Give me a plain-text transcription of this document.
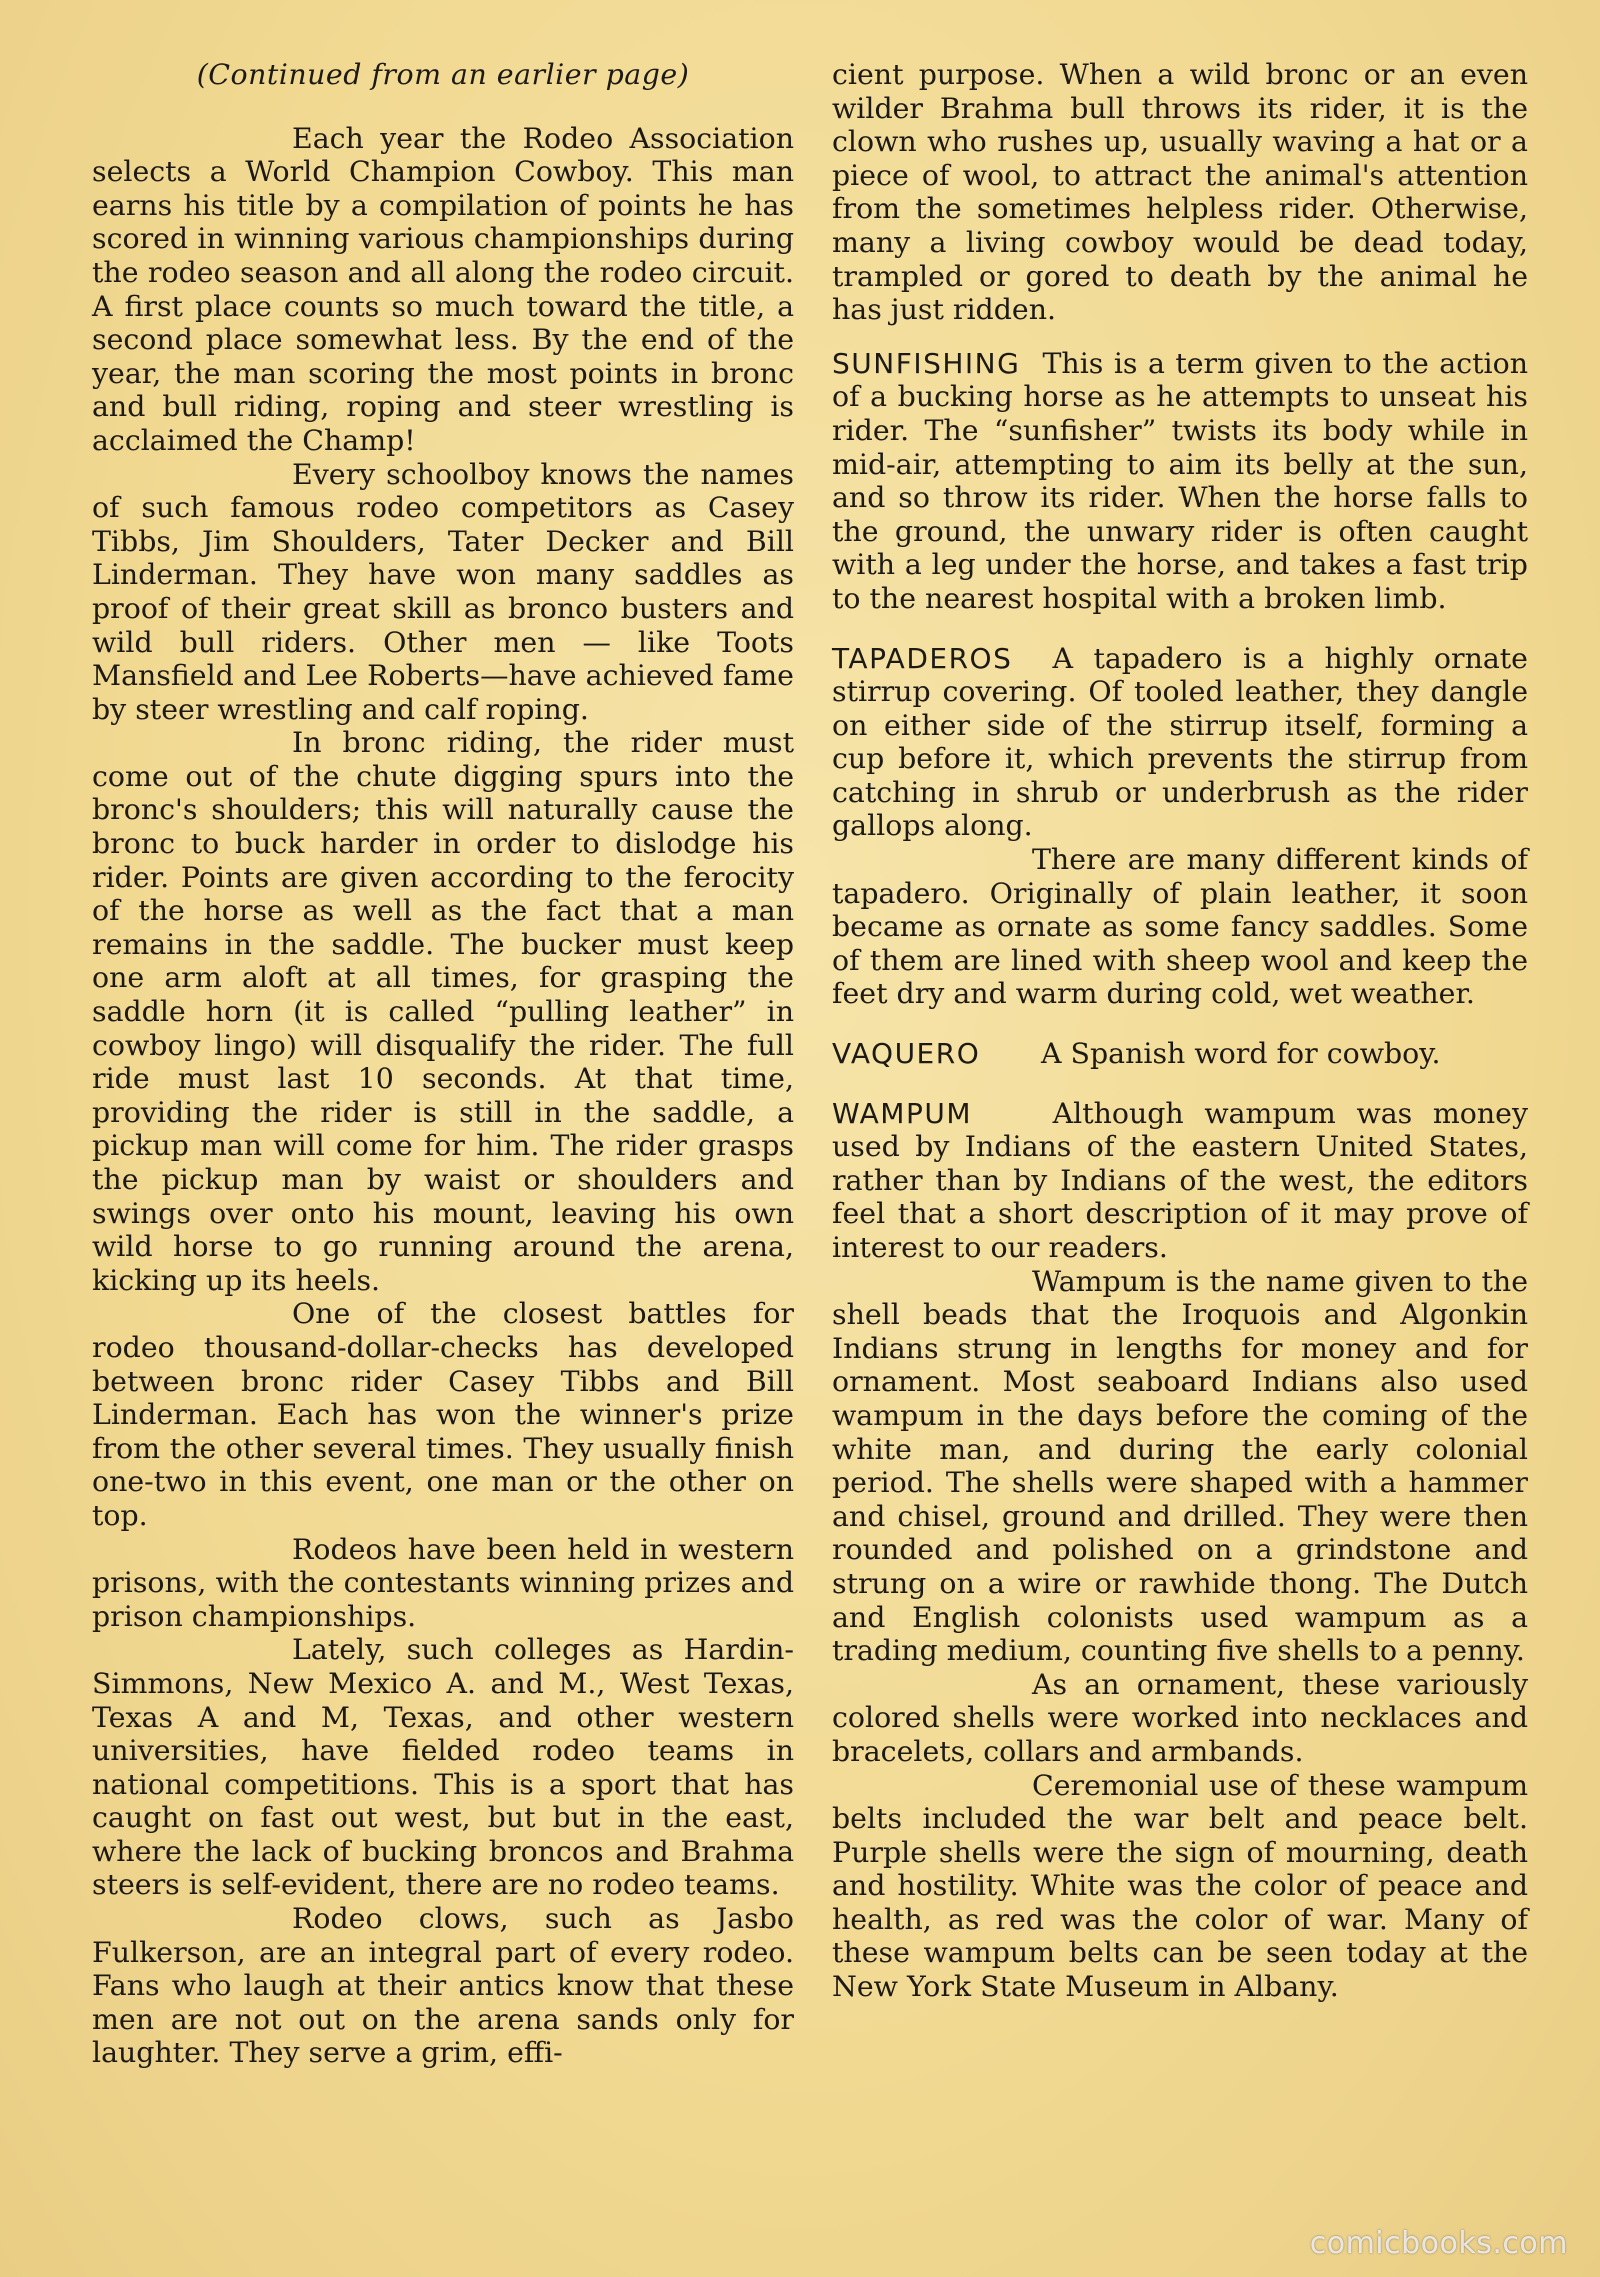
(Continued from an earlier page)

Each year the Rodeo Association selects a World Champion Cowboy. This man earns his title by a compilation of points he has scored in winning various championships during the rodeo season and all along the rodeo circuit. A first place counts so much toward the title, a second place somewhat less. By the end of the year, the man scoring the most points in bronc and bull riding, roping and steer wrestling is acclaimed the Champ!

Every schoolboy knows the names of such famous rodeo competitors as Casey Tibbs, Jim Shoulders, Tater Decker and Bill Linderman. They have won many saddles as proof of their great skill as bronco busters and wild bull riders. Other men — like Toots Mansfield and Lee Roberts—have achieved fame by steer wrestling and calf roping.

In bronc riding, the rider must come out of the chute digging spurs into the bronc's shoulders; this will naturally cause the bronc to buck harder in order to dislodge his rider. Points are given according to the ferocity of the horse as well as the fact that a man remains in the saddle. The bucker must keep one arm aloft at all times, for grasping the saddle horn (it is called “pulling leather” in cowboy lingo) will disqualify the rider. The full ride must last 10 seconds. At that time, providing the rider is still in the saddle, a pickup man will come for him. The rider grasps the pickup man by waist or shoulders and swings over onto his mount, leaving his own wild horse to go running around the arena, kicking up its heels.

One of the closest battles for rodeo thousand-dollar-checks has developed between bronc rider Casey Tibbs and Bill Linderman. Each has won the winner's prize from the other several times. They usually finish one-two in this event, one man or the other on top.

Rodeos have been held in western prisons, with the contestants winning prizes and prison championships.

Lately, such colleges as Hardin-Simmons, New Mexico A. and M., West Texas, Texas A and M, Texas, and other western universities, have fielded rodeo teams in national competitions. This is a sport that has caught on fast out west, but but in the east, where the lack of bucking broncos and Brahma steers is self-evident, there are no rodeo teams.

Rodeo clows, such as Jasbo Fulkerson, are an integral part of every rodeo. Fans who laugh at their antics know that these men are not out on the arena sands only for laughter. They serve a grim, effi-

cient purpose. When a wild bronc or an even wilder Brahma bull throws its rider, it is the clown who rushes up, usually waving a hat or a piece of wool, to attract the animal's attention from the sometimes helpless rider. Otherwise, many a living cowboy would be dead today, trampled or gored to death by the animal he has just ridden.

SUNFISHING This is a term given to the action of a bucking horse as he attempts to unseat his rider. The “sunfisher” twists its body while in mid-air, attempting to aim its belly at the sun, and so throw its rider. When the horse falls to the ground, the unwary rider is often caught with a leg under the horse, and takes a fast trip to the nearest hospital with a broken limb.

TAPADEROS A tapadero is a highly ornate stirrup covering. Of tooled leather, they dangle on either side of the stirrup itself, forming a cup before it, which prevents the stirrup from catching in shrub or underbrush as the rider gallops along.

There are many different kinds of tapadero. Originally of plain leather, it soon became as ornate as some fancy saddles. Some of them are lined with sheep wool and keep the feet dry and warm during cold, wet weather.

VAQUERO A Spanish word for cowboy.

WAMPUM	Although wampum was money used by Indians of the eastern United States, rather than by Indians of the west, the editors feel that a short description of it may prove of interest to our readers.

Wampum is the name given to the shell beads that the Iroquois and Algonkin Indians strung in lengths for money and for ornament. Most seaboard Indians also used wampum in the days before the coming of the white man, and during the early colonial period. The shells were shaped with a hammer and chisel, ground and drilled. They were then rounded and polished on a grindstone and strung on a wire or rawhide thong. The Dutch and English colonists used wampum as a trading medium, counting five shells to a penny.

As an ornament, these variously colored shells were worked into necklaces and bracelets, collars and armbands.

Ceremonial use of these wampum belts included the war belt and peace belt. Purple shells were the sign of mourning, death and hostility. White was the color of peace and health, as red was the color of war. Many of these wampum belts can be seen today at the New York State Museum in Albany.

comicbooks.com
